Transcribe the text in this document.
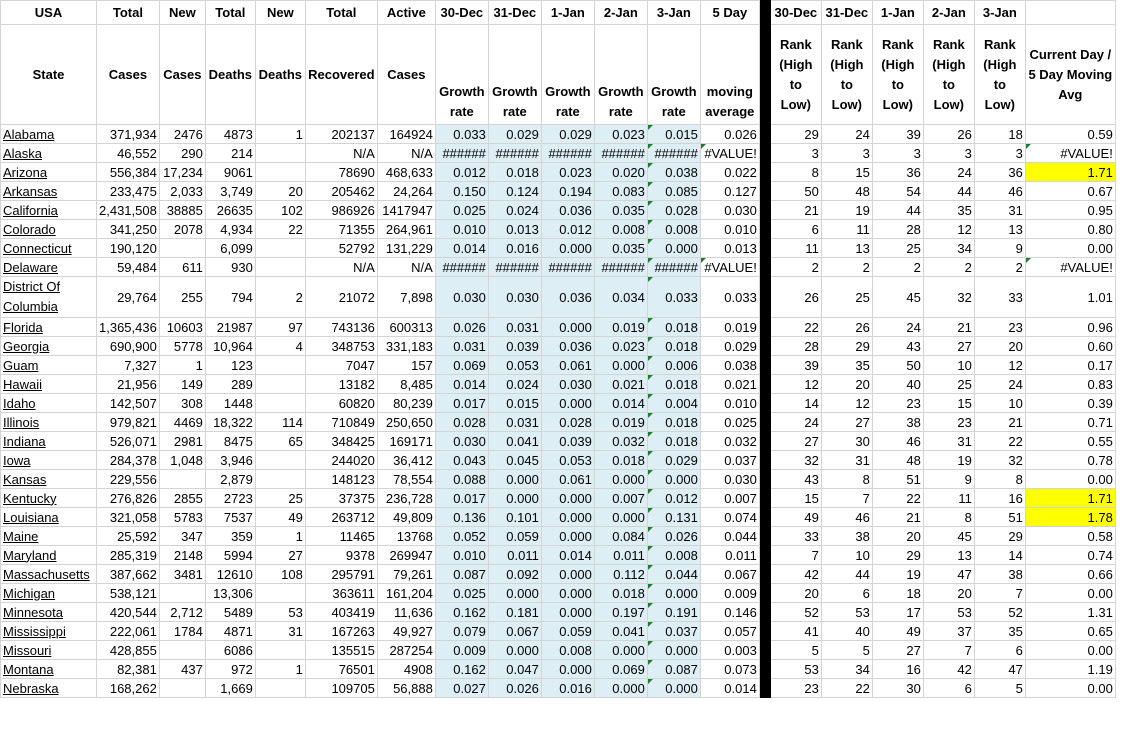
USA	Total	New	Total	New	Total	Active	30-Dec	31-Dec	1-Jan	2-Jan	3-Jan	5 Day		30-Dec	31-Dec	1-Jan	2-Jan	3-Jan	
State	Cases	Cases	Deaths	Deaths	Recovered	Cases	Growth rate	Growth rate	Growth rate	Growth rate	Growth rate	moving average		Rank (High to Low)	Rank (High to Low)	Rank (High to Low)	Rank (High to Low)	Rank (High to Low)	Current Day / 5 Day Moving Avg
Alabama	371,934	2476	4873	1	202137	164924	0.033	0.029	0.029	0.023	0.015	0.026		29	24	39	26	18	0.59
Alaska	46,552	290	214		N/A	N/A	######	######	######	######	######	#VALUE!		3	3	3	3	3	#VALUE!
Arizona	556,384	17,234	9061		78690	468,633	0.012	0.018	0.023	0.020	0.038	0.022		8	15	36	24	36	1.71
Arkansas	233,475	2,033	3,749	20	205462	24,264	0.150	0.124	0.194	0.083	0.085	0.127		50	48	54	44	46	0.67
California	2,431,508	38885	26635	102	986926	1417947	0.025	0.024	0.036	0.035	0.028	0.030		21	19	44	35	31	0.95
Colorado	341,250	2078	4,934	22	71355	264,961	0.010	0.013	0.012	0.008	0.008	0.010		6	11	28	12	13	0.80
Connecticut	190,120		6,099		52792	131,229	0.014	0.016	0.000	0.035	0.000	0.013		11	13	25	34	9	0.00
Delaware	59,484	611	930		N/A	N/A	######	######	######	######	######	#VALUE!		2	2	2	2	2	#VALUE!
District Of Columbia	29,764	255	794	2	21072	7,898	0.030	0.030	0.036	0.034	0.033	0.033		26	25	45	32	33	1.01
Florida	1,365,436	10603	21987	97	743136	600313	0.026	0.031	0.000	0.019	0.018	0.019		22	26	24	21	23	0.96
Georgia	690,900	5778	10,964	4	348753	331,183	0.031	0.039	0.036	0.023	0.018	0.029		28	29	43	27	20	0.60
Guam	7,327	1	123		7047	157	0.069	0.053	0.061	0.000	0.006	0.038		39	35	50	10	12	0.17
Hawaii	21,956	149	289		13182	8,485	0.014	0.024	0.030	0.021	0.018	0.021		12	20	40	25	24	0.83
Idaho	142,507	308	1448		60820	80,239	0.017	0.015	0.000	0.014	0.004	0.010		14	12	23	15	10	0.39
Illinois	979,821	4469	18,322	114	710849	250,650	0.028	0.031	0.028	0.019	0.018	0.025		24	27	38	23	21	0.71
Indiana	526,071	2981	8475	65	348425	169171	0.030	0.041	0.039	0.032	0.018	0.032		27	30	46	31	22	0.55
Iowa	284,378	1,048	3,946		244020	36,412	0.043	0.045	0.053	0.018	0.029	0.037		32	31	48	19	32	0.78
Kansas	229,556		2,879		148123	78,554	0.088	0.000	0.061	0.000	0.000	0.030		43	8	51	9	8	0.00
Kentucky	276,826	2855	2723	25	37375	236,728	0.017	0.000	0.000	0.007	0.012	0.007		15	7	22	11	16	1.71
Louisiana	321,058	5783	7537	49	263712	49,809	0.136	0.101	0.000	0.000	0.131	0.074		49	46	21	8	51	1.78
Maine	25,592	347	359	1	11465	13768	0.052	0.059	0.000	0.084	0.026	0.044		33	38	20	45	29	0.58
Maryland	285,319	2148	5994	27	9378	269947	0.010	0.011	0.014	0.011	0.008	0.011		7	10	29	13	14	0.74
Massachusetts	387,662	3481	12610	108	295791	79,261	0.087	0.092	0.000	0.112	0.044	0.067		42	44	19	47	38	0.66
Michigan	538,121		13,306		363611	161,204	0.025	0.000	0.000	0.018	0.000	0.009		20	6	18	20	7	0.00
Minnesota	420,544	2,712	5489	53	403419	11,636	0.162	0.181	0.000	0.197	0.191	0.146		52	53	17	53	52	1.31
Mississippi	222,061	1784	4871	31	167263	49,927	0.079	0.067	0.059	0.041	0.037	0.057		41	40	49	37	35	0.65
Missouri	428,855		6086		135515	287254	0.009	0.000	0.008	0.000	0.000	0.003		5	5	27	7	6	0.00
Montana	82,381	437	972	1	76501	4908	0.162	0.047	0.000	0.069	0.087	0.073		53	34	16	42	47	1.19
Nebraska	168,262		1,669		109705	56,888	0.027	0.026	0.016	0.000	0.000	0.014		23	22	30	6	5	0.00
